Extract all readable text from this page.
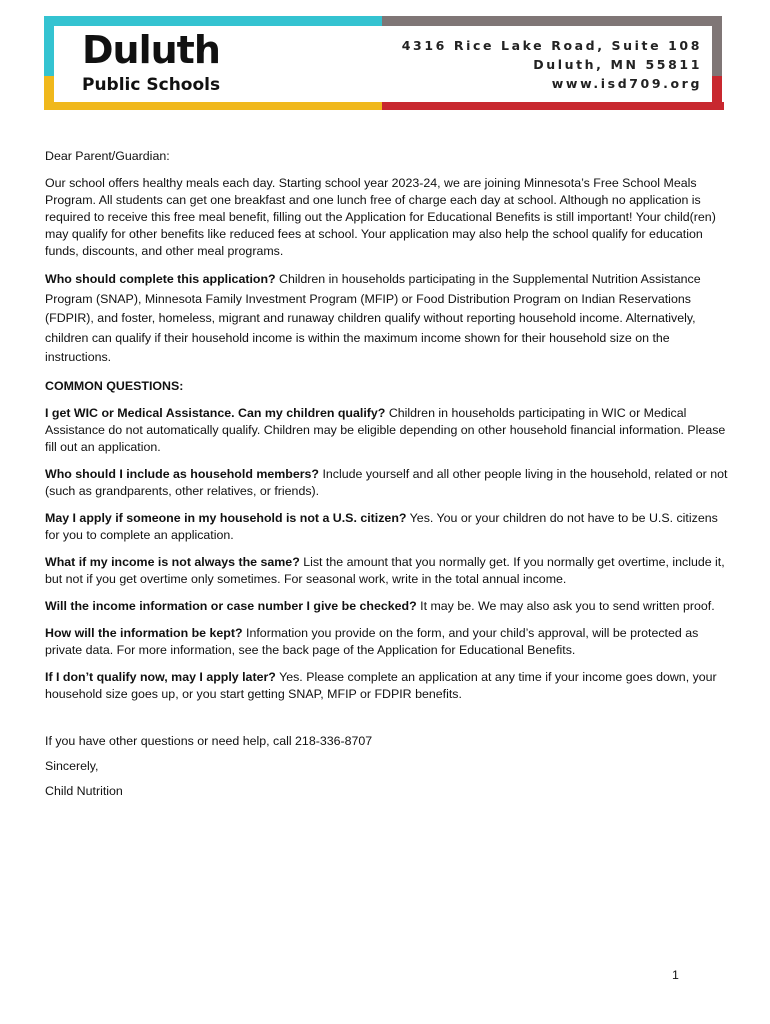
Duluth
Public Schools
4316 Rice Lake Road, Suite 108
Duluth, MN 55811
www.isd709.org

Dear Parent/Guardian:

Our school offers healthy meals each day. Starting school year 2023-24, we are joining Minnesota’s Free School Meals Program. All students can get one breakfast and one lunch free of charge each day at school. Although no application is required to receive this free meal benefit, filling out the Application for Educational Benefits is still important! Your child(ren) may qualify for other benefits like reduced fees at school. Your application may also help the school qualify for education funds, discounts, and other meal programs.

Who should complete this application? Children in households participating in the Supplemental Nutrition Assistance Program (SNAP), Minnesota Family Investment Program (MFIP) or Food Distribution Program on Indian Reservations (FDPIR), and foster, homeless, migrant and runaway children qualify without reporting household income. Alternatively, children can qualify if their household income is within the maximum income shown for their household size on the instructions.

COMMON QUESTIONS:

I get WIC or Medical Assistance. Can my children qualify? Children in households participating in WIC or Medical Assistance do not automatically qualify. Children may be eligible depending on other household financial information. Please fill out an application.

Who should I include as household members? Include yourself and all other people living in the household, related or not (such as grandparents, other relatives, or friends).

May I apply if someone in my household is not a U.S. citizen? Yes. You or your children do not have to be U.S. citizens for you to complete an application.

What if my income is not always the same? List the amount that you normally get. If you normally get overtime, include it, but not if you get overtime only sometimes. For seasonal work, write in the total annual income.

Will the income information or case number I give be checked? It may be. We may also ask you to send written proof.

How will the information be kept? Information you provide on the form, and your child’s approval, will be protected as private data. For more information, see the back page of the Application for Educational Benefits.

If I don’t qualify now, may I apply later? Yes. Please complete an application at any time if your income goes down, your household size goes up, or you start getting SNAP, MFIP or FDPIR benefits.

If you have other questions or need help, call 218-336-8707

Sincerely,

Child Nutrition

1
